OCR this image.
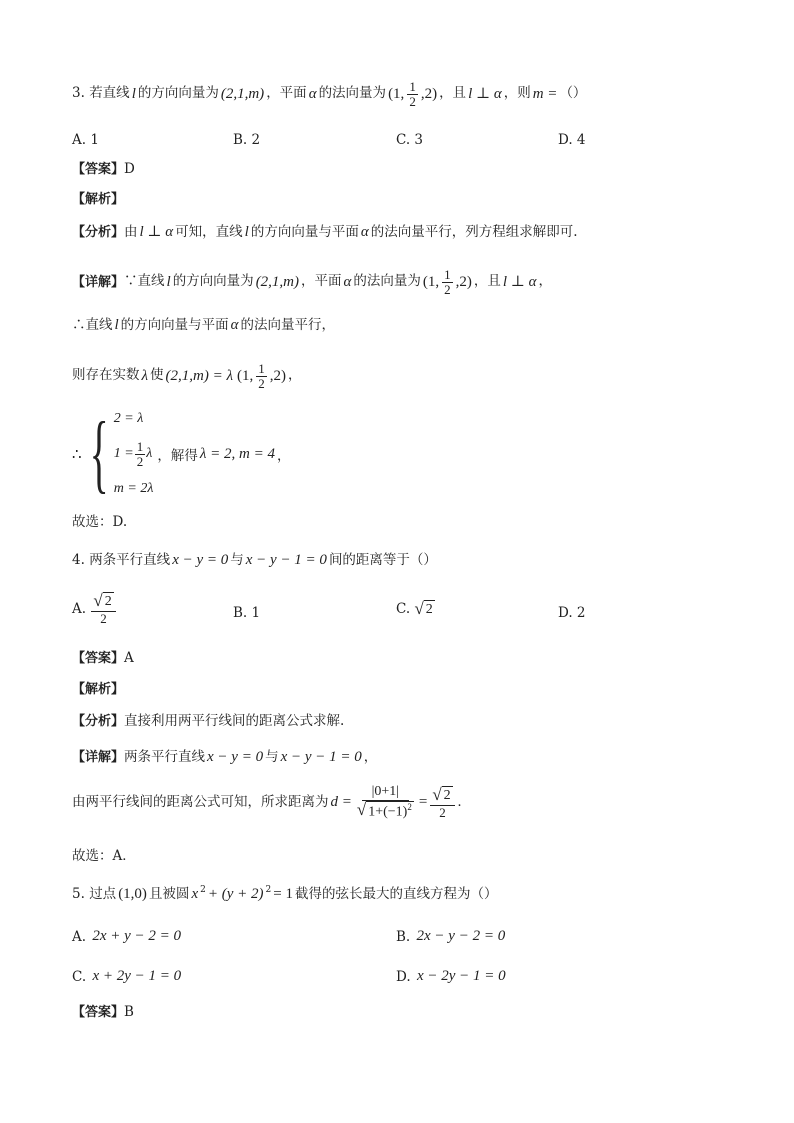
3.
若直线 l 的方向向量为 (2,1,m) ，平面 α 的法向量为 (1, $\frac{1}{2} ,2$) ，且 l ⊥ α ，则 m = （）
A. 1	B. 2	C. 3	D. 4
【答案】 D
【解析】
【分析】 由 l ⊥ α 可知，直线 l 的方向向量与平面 α 的法向量平行，列方程组求解即可.
【详解】 ∵直线 l 的方向向量为 (2,1,m) ，平面 α 的法向量为 (1, $\frac{1}{2} ,2$) ，且 l ⊥ α ，
∴直线 l 的方向向量与平面 α 的法向量平行，
则存在实数 λ 使 (2,1,m) = λ (1, $\frac{1}{2} ,2$) ，
∴ { 2 = λ
$1 = \frac{1}{2}$ λ
m = 2λ
，解得 λ = 2, m = 4 ，
故选：D.
4.
两条平行直线 x − y = 0 与 x − y − 1 = 0 间的距离等于（）
A.
$\frac{√ 2}{2}$	B. 1	C.
√ 2	D. 2
【答案】 A
【解析】
【分析】 直接利用两平行线间的距离公式求解.
【详解】 两条平行直线 x − y = 0 与 x − y − 1 = 0 ，
由两平行线间的距离公式可知，所求距离为 $d = \frac{|0+1|}{√ 1+(-1)^2} = \frac{√ 2}{2}$ .
故选：A．
5.
过点 (1,0) 且被圆 $x^2 + (y + 2)^2 = 1$ 截得的弦长最大的直线方程为（）
A.
2x + y − 2 = 0	B.
2x − y − 2 = 0
C.
x + 2y − 1 = 0	D.
x − 2y − 1 = 0
【答案】 B
